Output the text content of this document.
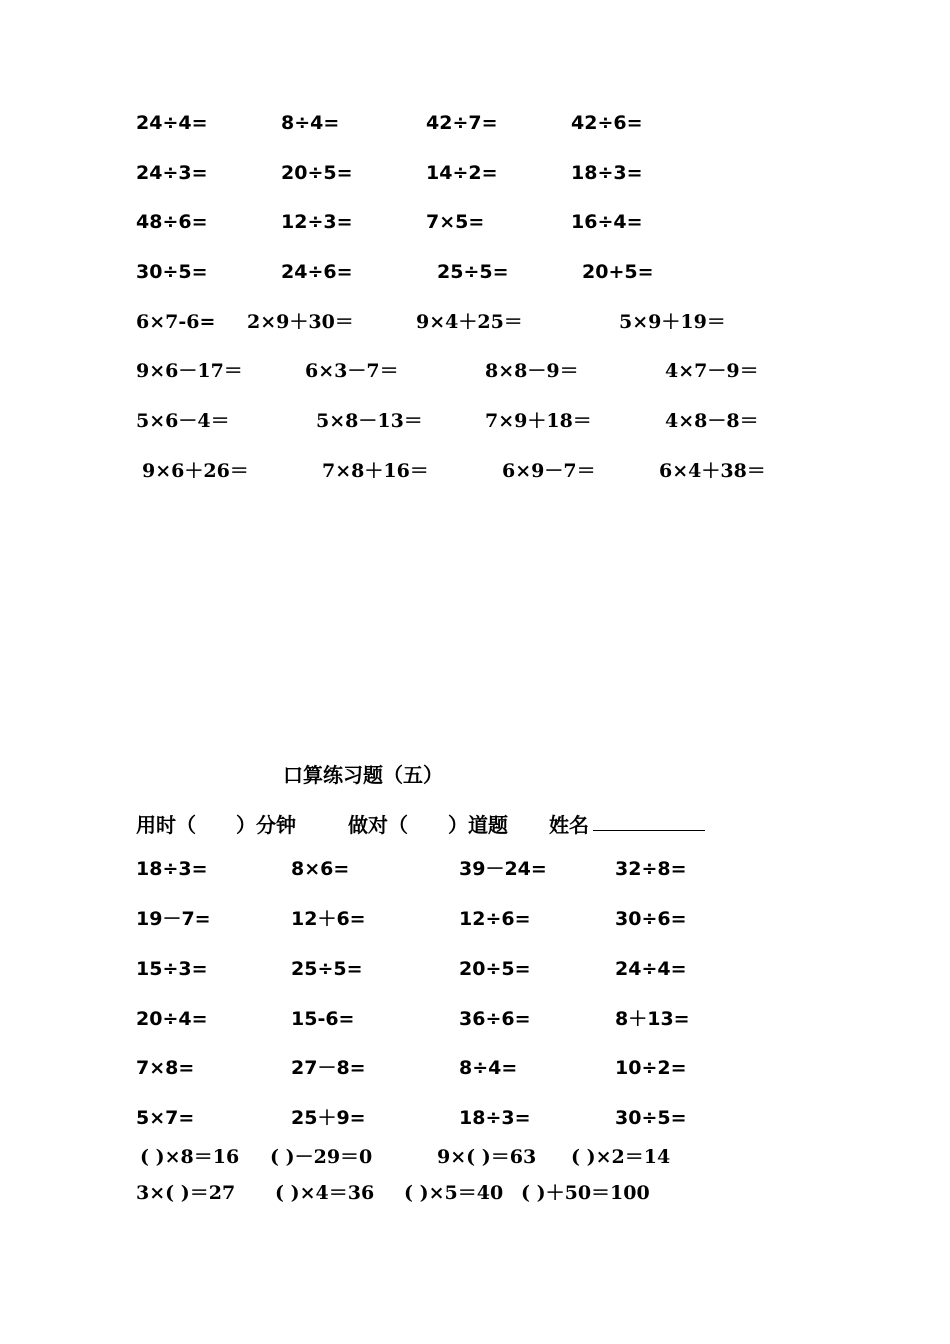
24÷4=	8÷4=	42÷7=	42÷6=
24÷3=	20÷5=	14÷2=	18÷3=
48÷6=	12÷3=	7×5=	16÷4=
30÷5=	24÷6=	25÷5=	20+5=
6×7-6= 2×9＋30＝	9×4＋25＝	5×9＋19＝
9×6－17＝	6×3－7＝	8×8－9＝	4×7－9＝
5×6－4＝	5×8－13＝	7×9＋18＝	4×8－8＝
9×6＋26＝	7×8＋16＝	6×9－7＝	6×4＋38＝
口算练习题（五）
用时（　　）分钟	做对（　　）道题 姓名
18÷3=	8×6=	39－24=	32÷8=
19－7=	12＋6=	12÷6=	30÷6=
15÷3=	25÷5=	20÷5=	24÷4=
20÷4=	15-6=	36÷6=	8＋13=
7×8=	27－8=	8÷4=	10÷2=
5×7=	25＋9=	18÷3=	30÷5=
( )×8＝16 ( )－29＝0	9×( )＝63 ( )×2＝14
3×( )＝27 ( )×4＝36 ( )×5＝40 ( )＋50＝100
